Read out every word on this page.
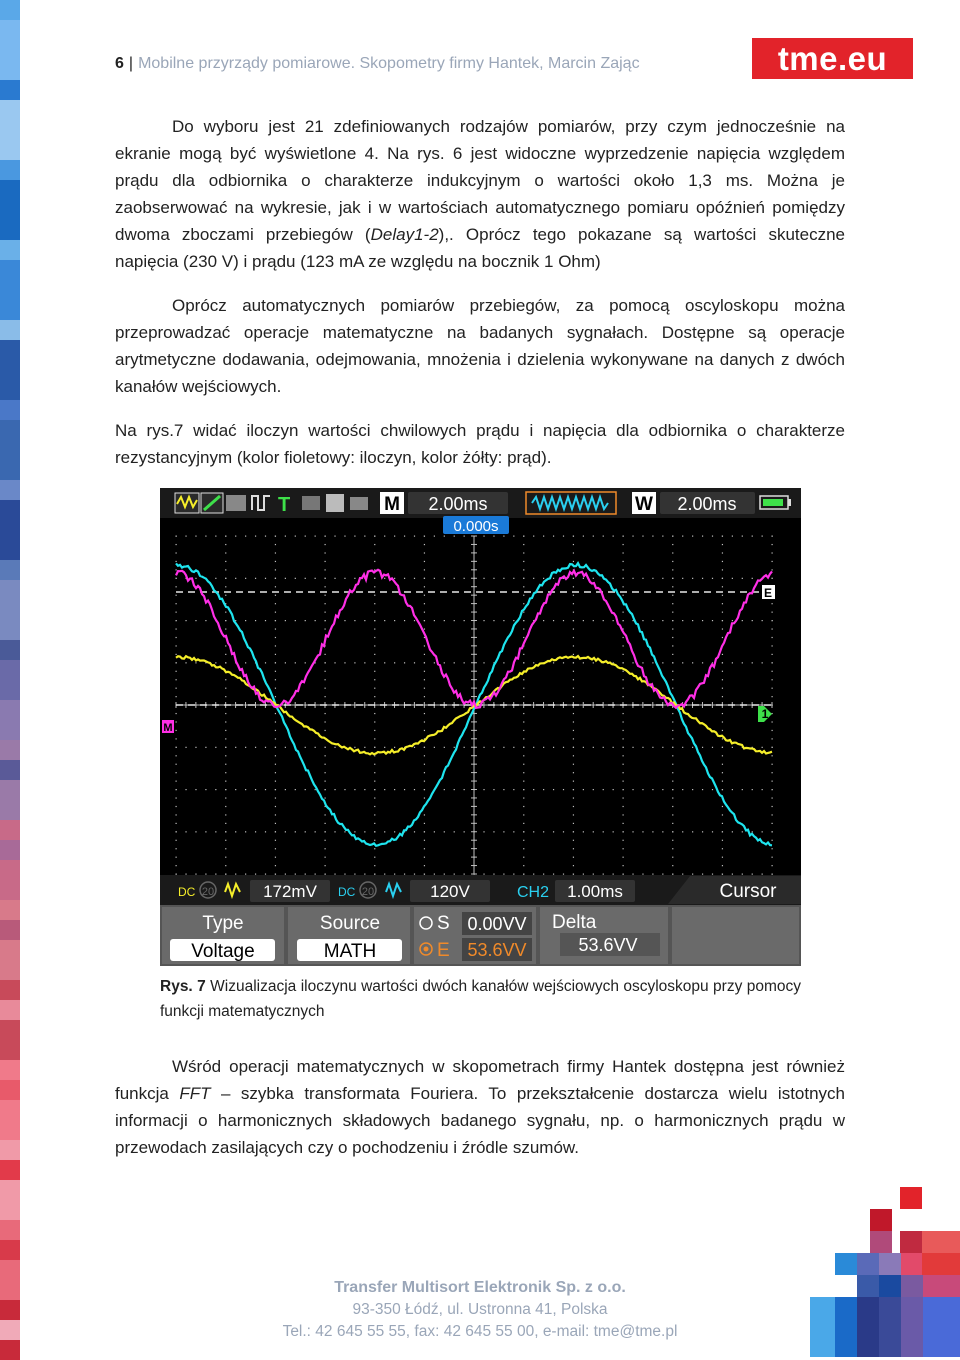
6 | Mobilne przyrządy pomiarowe. Skopometry firmy Hantek, Marcin Zając	tme.eu

Do wyboru jest 21 zdefiniowanych rodzajów pomiarów, przy czym jednocześnie na ekranie mogą być wyświetlone 4. Na rys. 6 jest widoczne wyprzedzenie napięcia względem prądu dla odbiornika o charakterze indukcyjnym o wartości około 1,3 ms. Można je zaobserwować na wykresie, jak i w wartościach automatycznego pomiaru opóźnień pomiędzy dwoma zboczami przebiegów (Delay1-2),. Oprócz tego pokazane są wartości skuteczne napięcia (230 V) i prądu (123 mA ze względu na bocznik 1 Ohm)

Oprócz automatycznych pomiarów przebiegów, za pomocą oscyloskopu można przeprowadzać operacje matematyczne na badanych sygnałach. Dostępne są operacje arytmetyczne dodawania, odejmowania, mnożenia i dzielenia wykonywane na danych z dwóch kanałów wejściowych.

Na rys.7 widać iloczyn wartości chwilowych prądu i napięcia dla odbiornika o charakterze rezystancyjnym (kolor fioletowy: iloczyn, kolor żółty: prąd).

T	M 2.00ms	W 2.00ms
0.000s
M
1
E
DC 20	172mV DC 20	120V	CH2 1.00ms	Cursor
Type
Voltage
Source
MATH
S 0.00VV
E 53.6VV
Delta
53.6VV
Rys. 7 Wizualizacja iloczynu wartości dwóch kanałów wejściowych oscyloskopu przy pomocy funkcji matematycznych

Wśród operacji matematycznych w skopometrach firmy Hantek dostępna jest również funkcja FFT – szybka transformata Fouriera. To przekształcenie dostarcza wielu istotnych informacji o harmonicznych składowych badanego sygnału, np. o harmonicznych prądu w przewodach zasilających czy o pochodzeniu i źródle szumów.

Transfer Multisort Elektronik Sp. z o.o.
93-350 Łódź, ul. Ustronna 41, Polska
Tel.: 42 645 55 55, fax: 42 645 55 00, e-mail: tme@tme.pl
